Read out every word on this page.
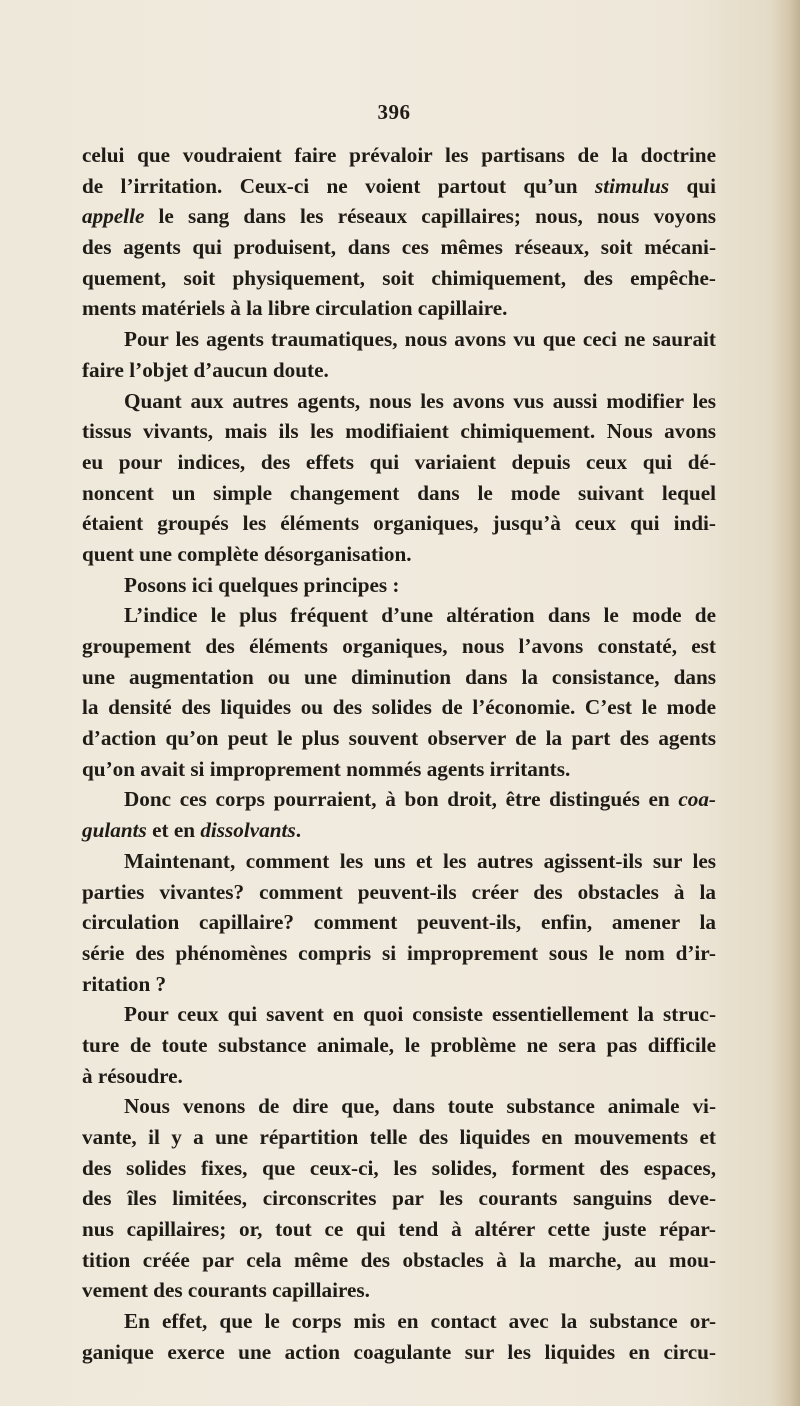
396
celui que voudraient faire prévaloir les partisans de la doctrine
de l’irritation. Ceux-ci ne voient partout qu’un stimulus qui
appelle le sang dans les réseaux capillaires; nous, nous voyons
des agents qui produisent, dans ces mêmes réseaux, soit mécani-
quement, soit physiquement, soit chimiquement, des empêche-
ments matériels à la libre circulation capillaire.
Pour les agents traumatiques, nous avons vu que ceci ne saurait
faire l’objet d’aucun doute.
Quant aux autres agents, nous les avons vus aussi modifier les
tissus vivants, mais ils les modifiaient chimiquement. Nous avons
eu pour indices, des effets qui variaient depuis ceux qui dé-
noncent un simple changement dans le mode suivant lequel
étaient groupés les éléments organiques, jusqu’à ceux qui indi-
quent une complète désorganisation.
Posons ici quelques principes :
L’indice le plus fréquent d’une altération dans le mode de
groupement des éléments organiques, nous l’avons constaté, est
une augmentation ou une diminution dans la consistance, dans
la densité des liquides ou des solides de l’économie. C’est le mode
d’action qu’on peut le plus souvent observer de la part des agents
qu’on avait si improprement nommés agents irritants.
Donc ces corps pourraient, à bon droit, être distingués en coa-
gulants et en dissolvants.
Maintenant, comment les uns et les autres agissent-ils sur les
parties vivantes? comment peuvent-ils créer des obstacles à la
circulation capillaire? comment peuvent-ils, enfin, amener la
série des phénomènes compris si improprement sous le nom d’ir-
ritation ?
Pour ceux qui savent en quoi consiste essentiellement la struc-
ture de toute substance animale, le problème ne sera pas difficile
à résoudre.
Nous venons de dire que, dans toute substance animale vi-
vante, il y a une répartition telle des liquides en mouvements et
des solides fixes, que ceux-ci, les solides, forment des espaces,
des îles limitées, circonscrites par les courants sanguins deve-
nus capillaires; or, tout ce qui tend à altérer cette juste répar-
tition créée par cela même des obstacles à la marche, au mou-
vement des courants capillaires.
En effet, que le corps mis en contact avec la substance or-
ganique exerce une action coagulante sur les liquides en circu-
